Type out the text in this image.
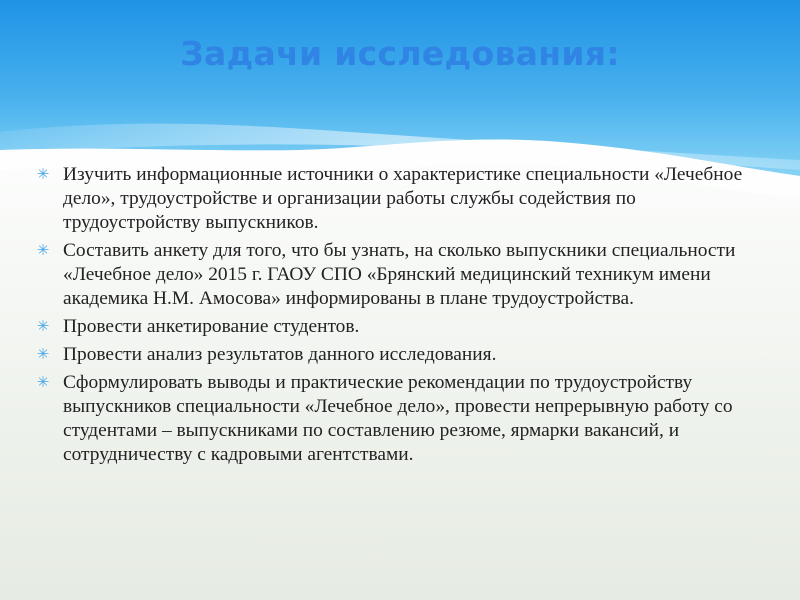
Задачи исследования:
✳ Изучить информационные источники о характеристике специальности «Лечебное дело», трудоустройстве и организации работы службы содействия по трудоустройству выпускников.
✳ Составить анкету для того, что бы узнать, на сколько выпускники специальности «Лечебное дело» 2015 г. ГАОУ СПО «Брянский медицинский техникум имени академика Н.М. Амосова» информированы в плане трудоустройства.
✳ Провести анкетирование студентов.
✳ Провести анализ результатов данного исследования.
✳ Сформулировать выводы и практические рекомендации по трудоустройству выпускников специальности «Лечебное дело», провести непрерывную работу со студентами – выпускниками по составлению резюме, ярмарки вакансий, и сотрудничеству с кадровыми агентствами.
